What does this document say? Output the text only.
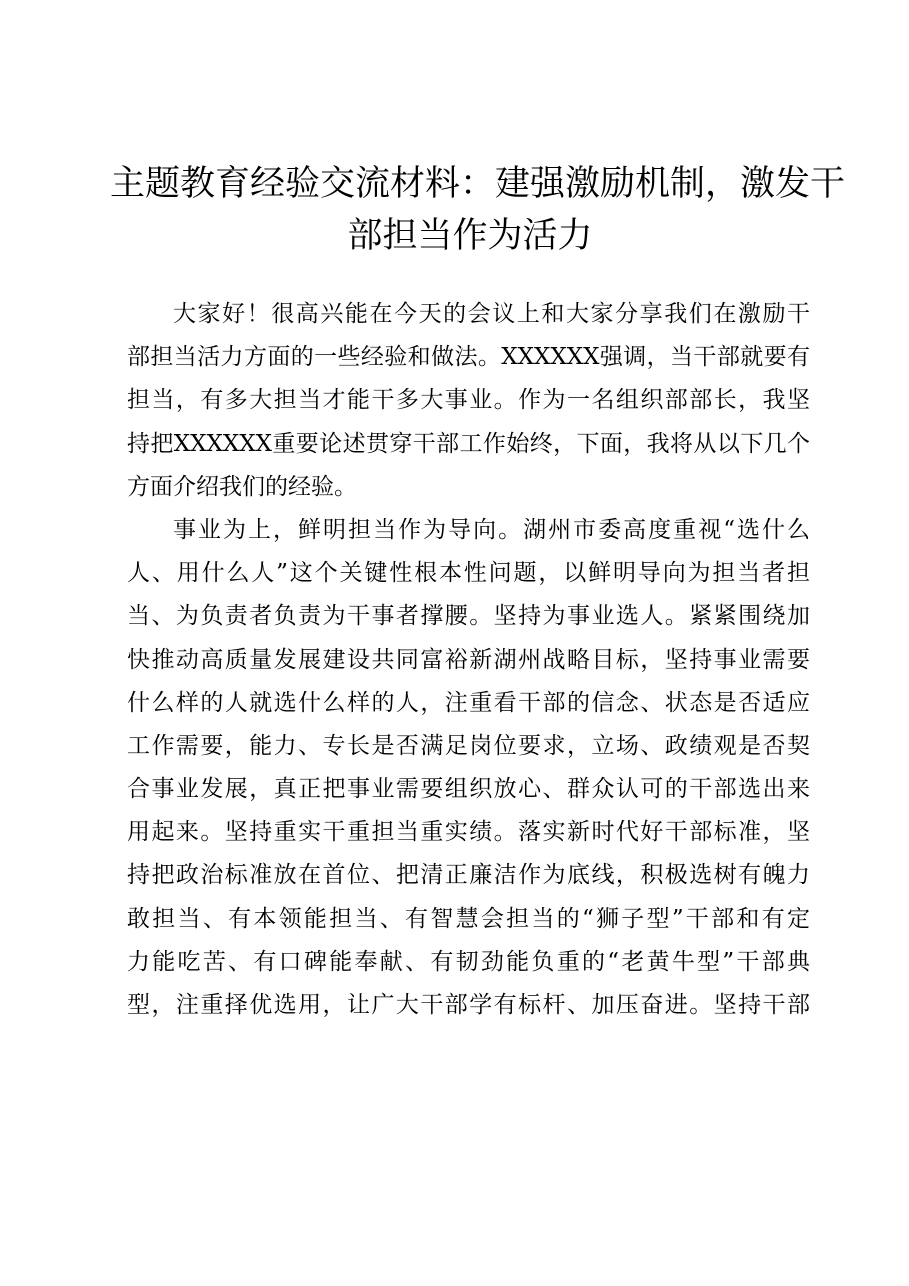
主题教育经验交流材料：建强激励机制，激发干
部担当作为活力
大家好！很高兴能在今天的会议上和大家分享我们在激励干
部担当活力方面的一些经验和做法。XXXXXX强调，当干部就要有
担当，有多大担当才能干多大事业。作为一名组织部部长，我坚
持把XXXXXX重要论述贯穿干部工作始终，下面，我将从以下几个
方面介绍我们的经验。
事业为上，鲜明担当作为导向。湖州市委高度重视“选什么
人、用什么人”这个关键性根本性问题，以鲜明导向为担当者担
当、为负责者负责为干事者撑腰。坚持为事业选人。紧紧围绕加
快推动高质量发展建设共同富裕新湖州战略目标，坚持事业需要
什么样的人就选什么样的人，注重看干部的信念、状态是否适应
工作需要，能力、专长是否满足岗位要求，立场、政绩观是否契
合事业发展，真正把事业需要组织放心、群众认可的干部选出来
用起来。坚持重实干重担当重实绩。落实新时代好干部标准，坚
持把政治标准放在首位、把清正廉洁作为底线，积极选树有魄力
敢担当、有本领能担当、有智慧会担当的“狮子型”干部和有定
力能吃苦、有口碑能奉献、有韧劲能负重的“老黄牛型”干部典
型，注重择优选用，让广大干部学有标杆、加压奋进。坚持干部
